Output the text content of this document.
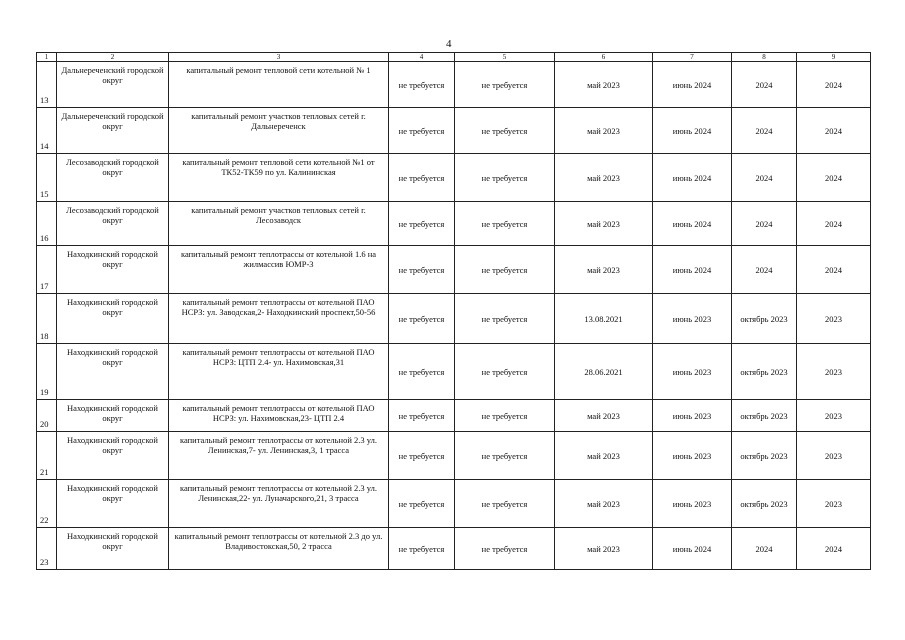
4
1	2	3	4	5	6	7	8	9
13	Дальнереченский городской округ	капитальный ремонт тепловой сети котельной № 1	не требуется	не требуется	май 2023	июнь 2024	2024	2024
14	Дальнереченский городской округ	капитальный ремонт участков тепловых сетей г. Дальнереченск	не требуется	не требуется	май 2023	июнь 2024	2024	2024
15	Лесозаводский городской округ	капитальный ремонт тепловой сети котельной №1 от ТК52-ТК59 по ул. Калининская	не требуется	не требуется	май 2023	июнь 2024	2024	2024
16	Лесозаводский городской округ	капитальный ремонт участков тепловых сетей г. Лесозаводск	не требуется	не требуется	май 2023	июнь 2024	2024	2024
17	Находкинский городской округ	капитальный ремонт теплотрассы от котельной 1.6 на жилмассив ЮМР-3	не требуется	не требуется	май 2023	июнь 2024	2024	2024
18	Находкинский городской округ	капитальный ремонт теплотрассы от котельной ПАО НСРЗ: ул. Заводская,2- Находкинский проспект,50-56	не требуется	не требуется	13.08.2021	июнь 2023	октябрь 2023	2023
19	Находкинский городской округ	капитальный ремонт теплотрассы от котельной ПАО НСРЗ: ЦТП 2.4- ул. Нахимовская,31	не требуется	не требуется	28.06.2021	июнь 2023	октябрь 2023	2023
20	Находкинский городской округ	капитальный ремонт теплотрассы от котельной ПАО НСРЗ: ул. Нахимовская,23- ЦТП 2.4	не требуется	не требуется	май 2023	июнь 2023	октябрь 2023	2023
21	Находкинский городской округ	капитальный ремонт теплотрассы от котельной 2.3 ул. Ленинская,7- ул. Ленинская,3, 1 трасса	не требуется	не требуется	май 2023	июнь 2023	октябрь 2023	2023
22	Находкинский городской округ	капитальный ремонт теплотрассы от котельной 2.3 ул. Ленинская,22- ул. Луначарского,21, 3 трасса	не требуется	не требуется	май 2023	июнь 2023	октябрь 2023	2023
23	Находкинский городской округ	капитальный ремонт теплотрассы от котельной 2.3 до ул. Владивостокская,50, 2 трасса	не требуется	не требуется	май 2023	июнь 2024	2024	2024
